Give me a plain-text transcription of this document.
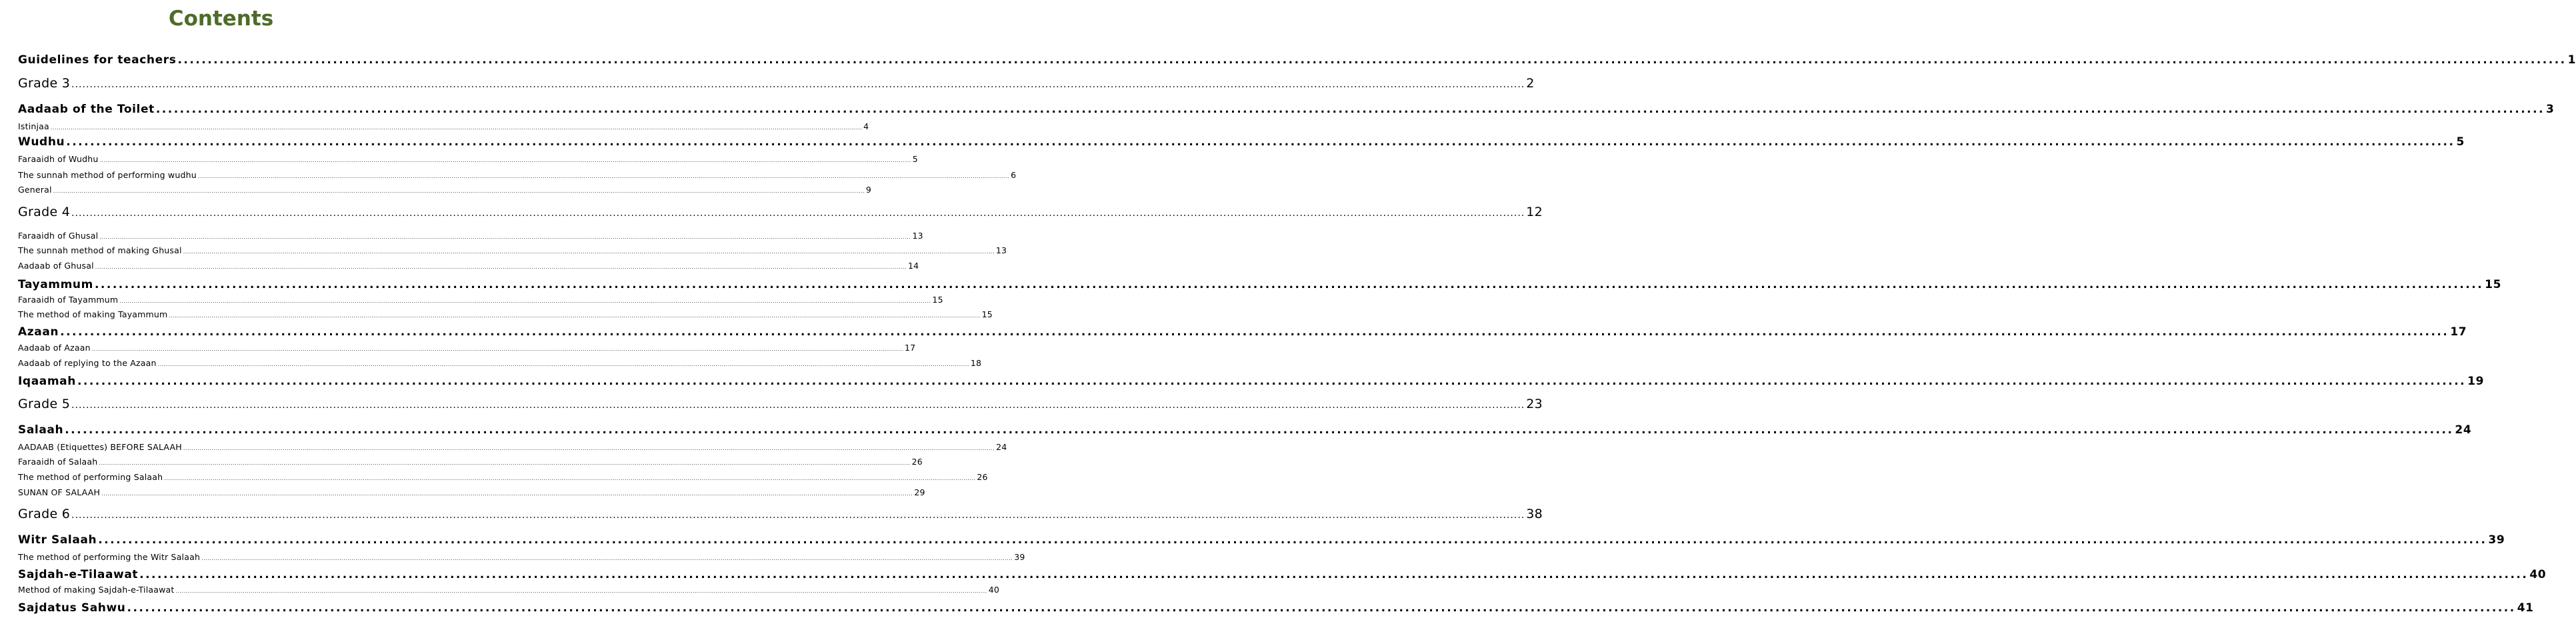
Contents
Guidelines for teachers ................................................................................................................................................................................................................................................................................................................................................................................................................ 1
Grade 3 ................................................................................................................................................................................................................................................................................................................................................................................................................ 2
Aadaab of the Toilet ................................................................................................................................................................................................................................................................................................................................................................................................................ 3
Istinjaa ................................................................................................................................................................................................................................................................................................................................................................................................................ 4
Wudhu ................................................................................................................................................................................................................................................................................................................................................................................................................ 5
Faraaidh of Wudhu ................................................................................................................................................................................................................................................................................................................................................................................................................ 5
The sunnah method of performing wudhu ................................................................................................................................................................................................................................................................................................................................................................................................................ 6
General ................................................................................................................................................................................................................................................................................................................................................................................................................ 9
Grade 4 ................................................................................................................................................................................................................................................................................................................................................................................................................ 12
Faraaidh of Ghusal ................................................................................................................................................................................................................................................................................................................................................................................................................ 13
The sunnah method of making Ghusal ................................................................................................................................................................................................................................................................................................................................................................................................................ 13
Aadaab of Ghusal ................................................................................................................................................................................................................................................................................................................................................................................................................ 14
Tayammum ................................................................................................................................................................................................................................................................................................................................................................................................................ 15
Faraaidh of Tayammum ................................................................................................................................................................................................................................................................................................................................................................................................................ 15
The method of making Tayammum ................................................................................................................................................................................................................................................................................................................................................................................................................ 15
Azaan ................................................................................................................................................................................................................................................................................................................................................................................................................ 17
Aadaab of Azaan ................................................................................................................................................................................................................................................................................................................................................................................................................ 17
Aadaab of replying to the Azaan ................................................................................................................................................................................................................................................................................................................................................................................................................ 18
Iqaamah ................................................................................................................................................................................................................................................................................................................................................................................................................ 19
Grade 5 ................................................................................................................................................................................................................................................................................................................................................................................................................ 23
Salaah ................................................................................................................................................................................................................................................................................................................................................................................................................ 24
AADAAB (Etiquettes) BEFORE SALAAH ................................................................................................................................................................................................................................................................................................................................................................................................................ 24
Faraaidh of Salaah ................................................................................................................................................................................................................................................................................................................................................................................................................ 26
The method of performing Salaah ................................................................................................................................................................................................................................................................................................................................................................................................................ 26
SUNAN OF SALAAH ................................................................................................................................................................................................................................................................................................................................................................................................................ 29
Grade 6 ................................................................................................................................................................................................................................................................................................................................................................................................................ 38
Witr Salaah ................................................................................................................................................................................................................................................................................................................................................................................................................ 39
The method of performing the Witr Salaah ................................................................................................................................................................................................................................................................................................................................................................................................................ 39
Sajdah-e-Tilaawat ................................................................................................................................................................................................................................................................................................................................................................................................................ 40
Method of making Sajdah-e-Tilaawat ................................................................................................................................................................................................................................................................................................................................................................................................................ 40
Sajdatus Sahwu ................................................................................................................................................................................................................................................................................................................................................................................................................ 41
